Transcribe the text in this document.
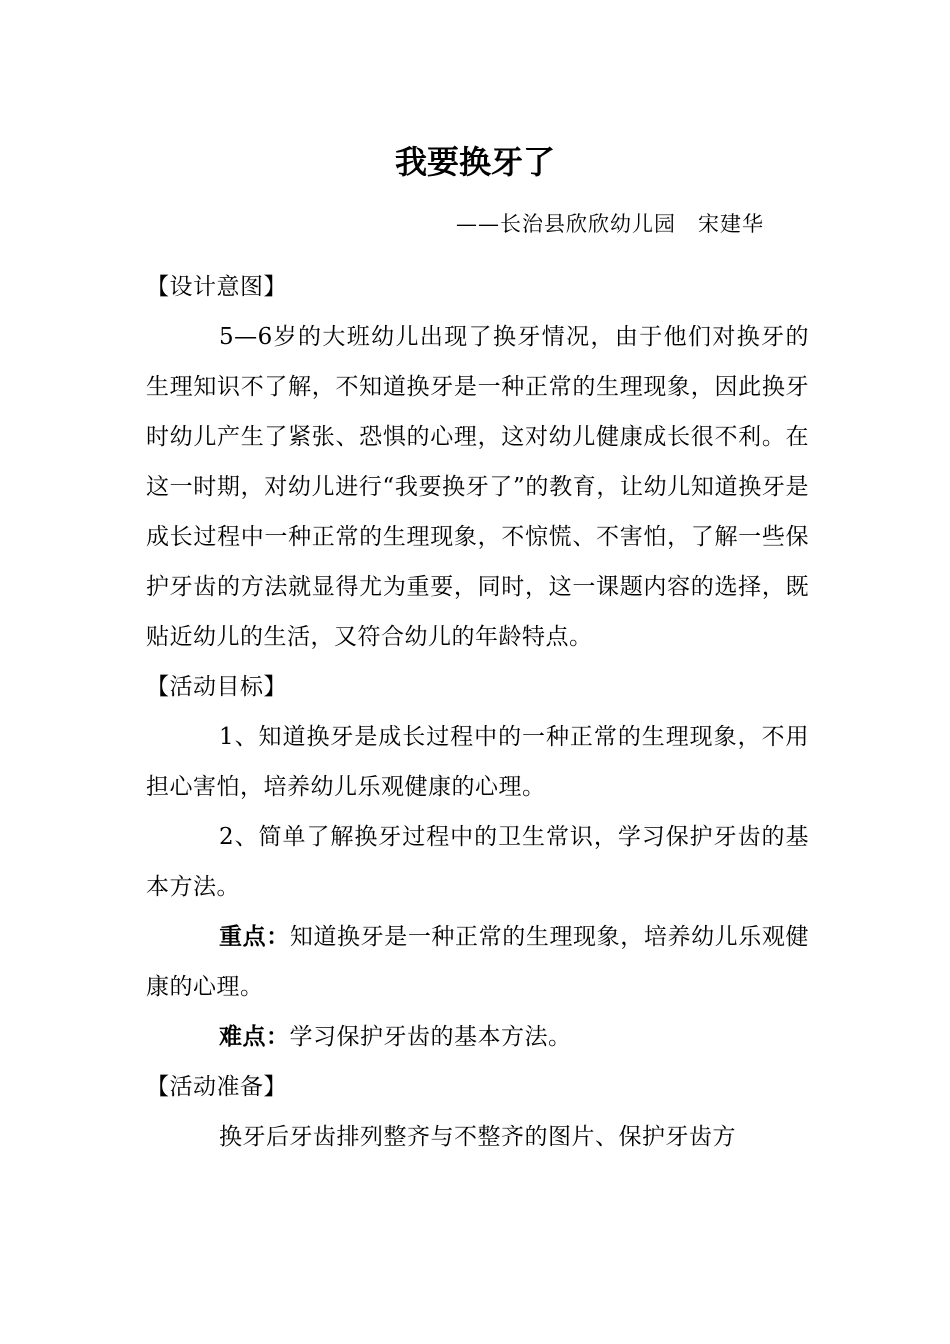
我要换牙了
——长治县欣欣幼儿园　宋建华

【设计意图】

5—6岁的大班幼儿出现了换牙情况，由于他们对换牙的生理知识不了解，不知道换牙是一种正常的生理现象，因此换牙时幼儿产生了紧张、恐惧的心理，这对幼儿健康成长很不利。在这一时期，对幼儿进行“我要换牙了”的教育，让幼儿知道换牙是成长过程中一种正常的生理现象，不惊慌、不害怕，了解一些保护牙齿的方法就显得尤为重要，同时，这一课题内容的选择，既贴近幼儿的生活，又符合幼儿的年龄特点。

【活动目标】

1、知道换牙是成长过程中的一种正常的生理现象，不用担心害怕，培养幼儿乐观健康的心理。

2、简单了解换牙过程中的卫生常识，学习保护牙齿的基本方法。

重点：知道换牙是一种正常的生理现象，培养幼儿乐观健康的心理。

难点：学习保护牙齿的基本方法。

【活动准备】

换牙后牙齿排列整齐与不整齐的图片、保护牙齿方
